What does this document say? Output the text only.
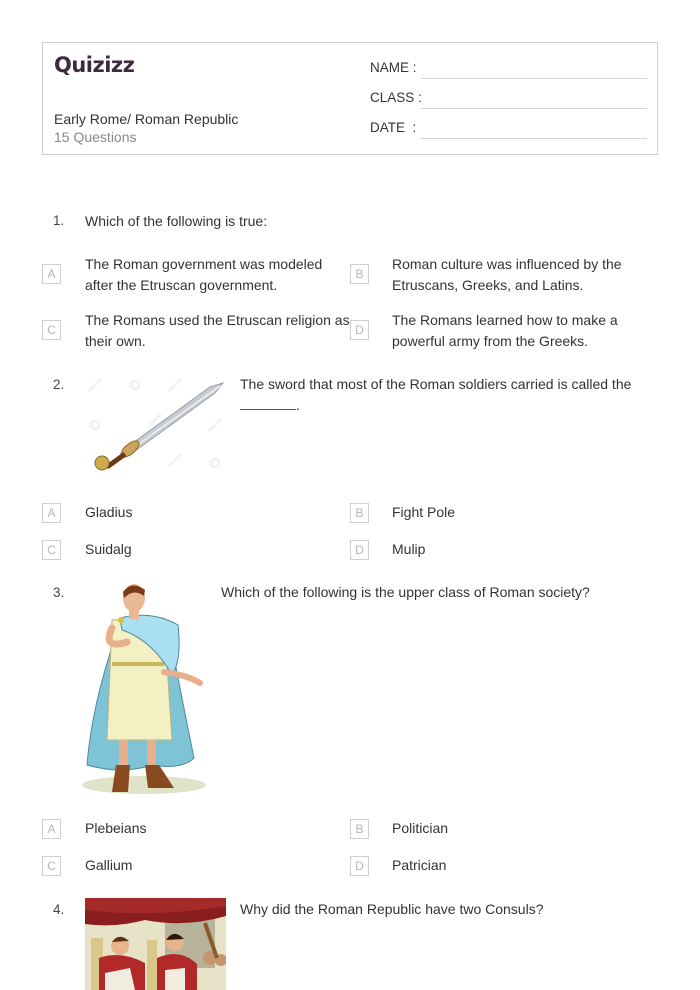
Quizizz
Early Rome/ Roman Republic
15 Questions
NAME :
CLASS :
DATE  :
1. Which of the following is true:
A
The Roman government was modeled after the Etruscan government.
B
Roman culture was influenced by the Etruscans, Greeks, and Latins.
C
The Romans used the Etruscan religion as their own.
D
The Romans learned how to make a powerful army from the Greeks.
2.	The sword that most of the Roman soldiers carried is called the
.
A	Gladius	B	Fight Pole
C	Suidalg	D	Mulip
3.	Which of the following is the upper class of Roman society?
A	Plebeians	B	Politician
C	Gallium	D	Patrician
4.	Why did the Roman Republic have two Consuls?
